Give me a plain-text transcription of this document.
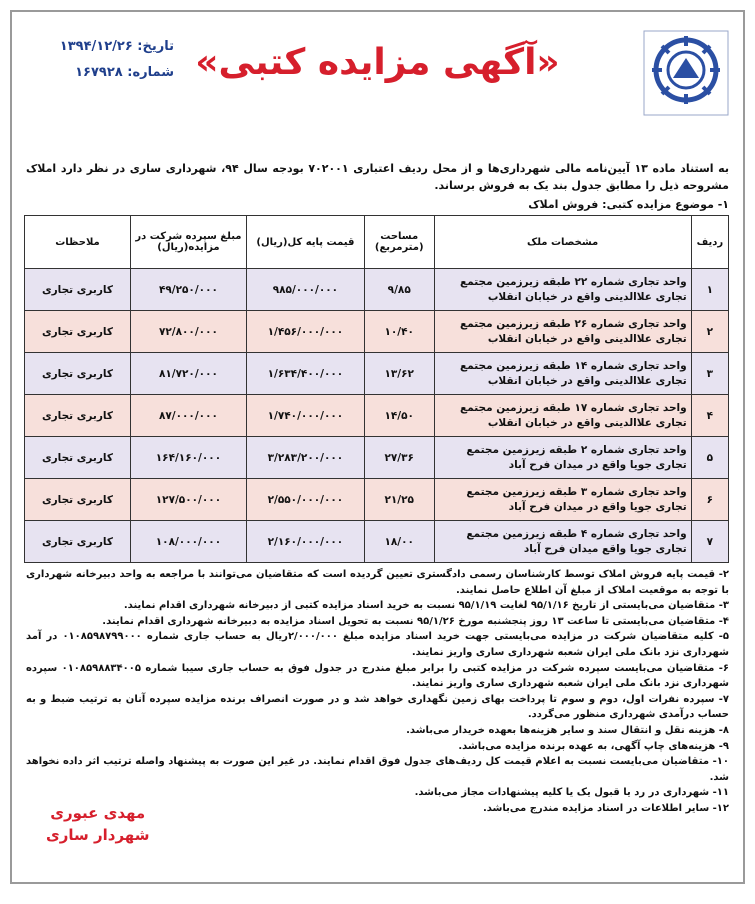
«آگهی مزایده کتبی»
تاریخ: ۱۳۹۴/۱۲/۲۶
شماره: ۱۶۷۹۲۸
به استناد ماده ۱۳ آیین‌نامه مالی شهرداری‌ها و از محل ردیف اعتباری ۷۰۲۰۰۱ بودجه سال ۹۴، شهرداری ساری در نظر دارد املاک مشروحه ذیل را مطابق جدول بند یک به فروش برساند.
۱- موضوع مزایده کتبی: فروش املاک
ردیف	مشخصات ملک	مساحت (مترمربع)	قیمت پایه کل(ریال)	مبلغ سپرده شرکت در مزایده(ریال)	ملاحظات
۱	واحد تجاری شماره ۲۲ طبقه زیرزمین مجتمع تجاری علاالدینی واقع در خیابان انقلاب	۹/۸۵	۹۸۵/۰۰۰/۰۰۰	۴۹/۲۵۰/۰۰۰	کاربری تجاری
۲	واحد تجاری شماره ۲۶ طبقه زیرزمین مجتمع تجاری علاالدینی واقع در خیابان انقلاب	۱۰/۴۰	۱/۴۵۶/۰۰۰/۰۰۰	۷۲/۸۰۰/۰۰۰	کاربری تجاری
۳	واحد تجاری شماره ۱۴ طبقه زیرزمین مجتمع تجاری علاالدینی واقع در خیابان انقلاب	۱۳/۶۲	۱/۶۳۴/۴۰۰/۰۰۰	۸۱/۷۲۰/۰۰۰	کاربری تجاری
۴	واحد تجاری شماره ۱۷ طبقه زیرزمین مجتمع تجاری علاالدینی واقع در خیابان انقلاب	۱۴/۵۰	۱/۷۴۰/۰۰۰/۰۰۰	۸۷/۰۰۰/۰۰۰	کاربری تجاری
۵	واحد تجاری شماره ۲ طبقه زیرزمین مجتمع تجاری جویا واقع در میدان فرح آباد	۲۷/۳۶	۳/۲۸۳/۲۰۰/۰۰۰	۱۶۴/۱۶۰/۰۰۰	کاربری تجاری
۶	واحد تجاری شماره ۳ طبقه زیرزمین مجتمع تجاری جویا واقع در میدان فرح آباد	۲۱/۲۵	۲/۵۵۰/۰۰۰/۰۰۰	۱۲۷/۵۰۰/۰۰۰	کاربری تجاری
۷	واحد تجاری شماره ۴ طبقه زیرزمین مجتمع تجاری جویا واقع میدان فرح آباد	۱۸/۰۰	۲/۱۶۰/۰۰۰/۰۰۰	۱۰۸/۰۰۰/۰۰۰	کاربری تجاری

۲- قیمت پایه فروش املاک توسط کارشناسان رسمی دادگستری تعیین گردیده است که متقاضیان می‌توانند با مراجعه به واحد دبیرخانه شهرداری با توجه به موقعیت املاک از مبلغ آن اطلاع حاصل نمایند.

۳- متقاضیان می‌بایستی از تاریخ ۹۵/۱/۱۶ لغایت ۹۵/۱/۱۹ نسبت به خرید اسناد مزایده کتبی از دبیرخانه شهرداری اقدام نمایند.

۴- متقاضیان می‌بایستی تا ساعت ۱۳ روز پنجشنبه مورخ ۹۵/۱/۲۶ نسبت به تحویل اسناد مزایده به دبیرخانه شهرداری اقدام نمایند.

۵- کلیه متقاضیان شرکت در مزایده می‌بایستی جهت خرید اسناد مزایده مبلغ ۲/۰۰۰/۰۰۰ریال به حساب جاری شماره ۰۱۰۸۵۹۸۷۹۹۰۰۰ در آمد شهرداری نزد بانک ملی ایران شعبه شهرداری ساری واریز نمایند.

۶- متقاضیان می‌بایست سپرده شرکت در مزایده کتبی را برابر مبلغ مندرج در جدول فوق به حساب جاری سیبا شماره ۰۱۰۸۵۹۸۸۳۴۰۰۵ سپرده شهرداری نزد بانک ملی ایران شعبه شهرداری ساری واریز نمایند.

۷- سپرده نفرات اول، دوم و سوم تا پرداخت بهای زمین نگهداری خواهد شد و در صورت انصراف برنده مزایده سپرده آنان به ترتیب ضبط و به حساب درآمدی شهرداری منظور می‌گردد.

۸- هزینه نقل و انتقال سند و سایر هزینه‌ها بعهده خریدار می‌باشد.

۹- هزینه‌های چاپ آگهی، به عهده برنده مزایده می‌باشد.

۱۰- متقاضیان می‌بایست نسبت به اعلام قیمت کل ردیف‌های جدول فوق اقدام نمایند. در غیر این صورت به پیشنهاد واصله ترتیب اثر داده نخواهد شد.

۱۱- شهرداری در رد یا قبول یک یا کلیه پیشنهادات مجاز می‌باشد.

۱۲- سایر اطلاعات در اسناد مزایده مندرج می‌باشد.

مهدی عبوری
شهردار ساری
